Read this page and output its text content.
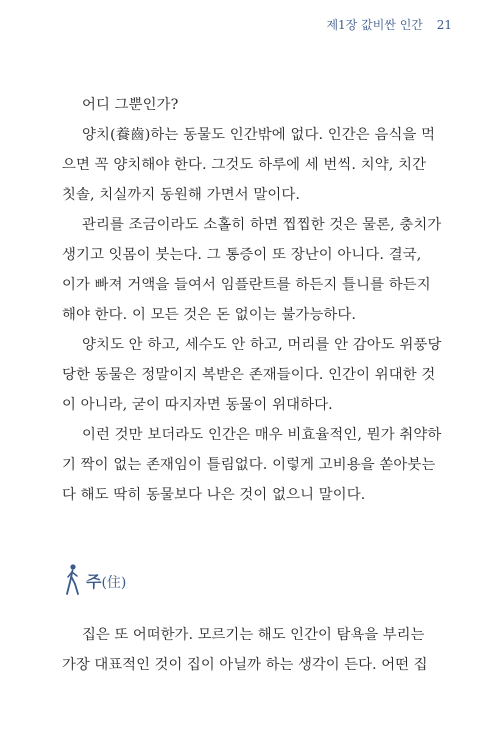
제1장 값비싼 인간 21
어디 그뿐인가?
양치(養齒)하는 동물도 인간밖에 없다. 인간은 음식을 먹
으면 꼭 양치해야 한다. 그것도 하루에 세 번씩. 치약, 치간
칫솔, 치실까지 동원해 가면서 말이다.
관리를 조금이라도 소홀히 하면 찝찝한 것은 물론, 충치가
생기고 잇몸이 붓는다. 그 통증이 또 장난이 아니다. 결국,
이가 빠져 거액을 들여서 임플란트를 하든지 틀니를 하든지
해야 한다. 이 모든 것은 돈 없이는 불가능하다.
양치도 안 하고, 세수도 안 하고, 머리를 안 감아도 위풍당
당한 동물은 정말이지 복받은 존재들이다. 인간이 위대한 것
이 아니라, 굳이 따지자면 동물이 위대하다.
이런 것만 보더라도 인간은 매우 비효율적인, 뭔가 취약하
기 짝이 없는 존재임이 틀림없다. 이렇게 고비용을 쏟아붓는
다 해도 딱히 동물보다 나은 것이 없으니 말이다.
주(住)
집은 또 어떠한가. 모르기는 해도 인간이 탐욕을 부리는
가장 대표적인 것이 집이 아닐까 하는 생각이 든다. 어떤 집
